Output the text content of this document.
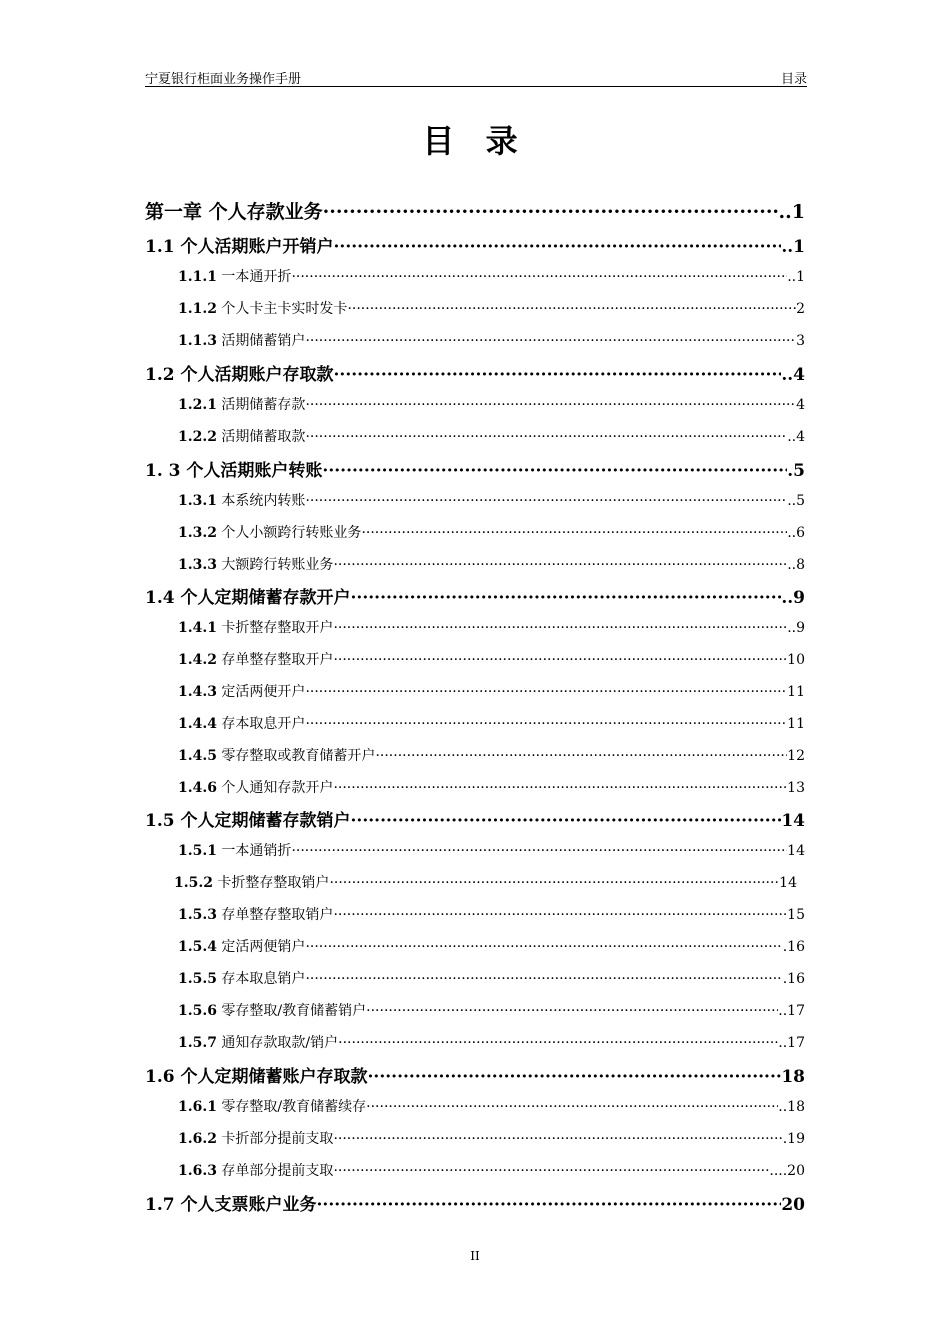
宁夏银行柜面业务操作手册	目录
目 录
第一章 个人存款业务 ·····	..1
1.1 个人活期账户开销户 ·····	..1
1.1.1 一本通开折 ·····	..1
1.1.2 个人卡主卡实时发卡 ·····	2
1.1.3 活期储蓄销户 ·····	3
1.2 个人活期账户存取款 ·····	..4
1.2.1 活期储蓄存款 ·····	4
1.2.2 活期储蓄取款 ·····	..4
1. 3 个人活期账户转账 ·····	.5
1.3.1 本系统内转账 ·····	..5
1.3.2 个人小额跨行转账业务 ·····	..6
1.3.3 大额跨行转账业务 ·····	..8
1.4 个人定期储蓄存款开户 ·····	..9
1.4.1 卡折整存整取开户 ·····	..9
1.4.2 存单整存整取开户 ·····	10
1.4.3 定活两便开户 ·····	11
1.4.4 存本取息开户 ·····	11
1.4.5 零存整取或教育储蓄开户 ·····	12
1.4.6 个人通知存款开户 ·····	13
1.5 个人定期储蓄存款销户 ·····	14
1.5.1 一本通销折 ·····	14
1.5.2 卡折整存整取销户 ·····	14
1.5.3 存单整存整取销户 ·····	15
1.5.4 定活两便销户 ·····	.16
1.5.5 存本取息销户 ·····	.16
1.5.6 零存整取/教育储蓄销户 ·····	..17
1.5.7 通知存款取款/销户 ·····	..17
1.6 个人定期储蓄账户存取款 ·····	18
1.6.1 零存整取/教育储蓄续存 ·····	..18
1.6.2 卡折部分提前支取 ·····	.19
1.6.3 存单部分提前支取 ·····	....20
1.7 个人支票账户业务 ·····	20
II
